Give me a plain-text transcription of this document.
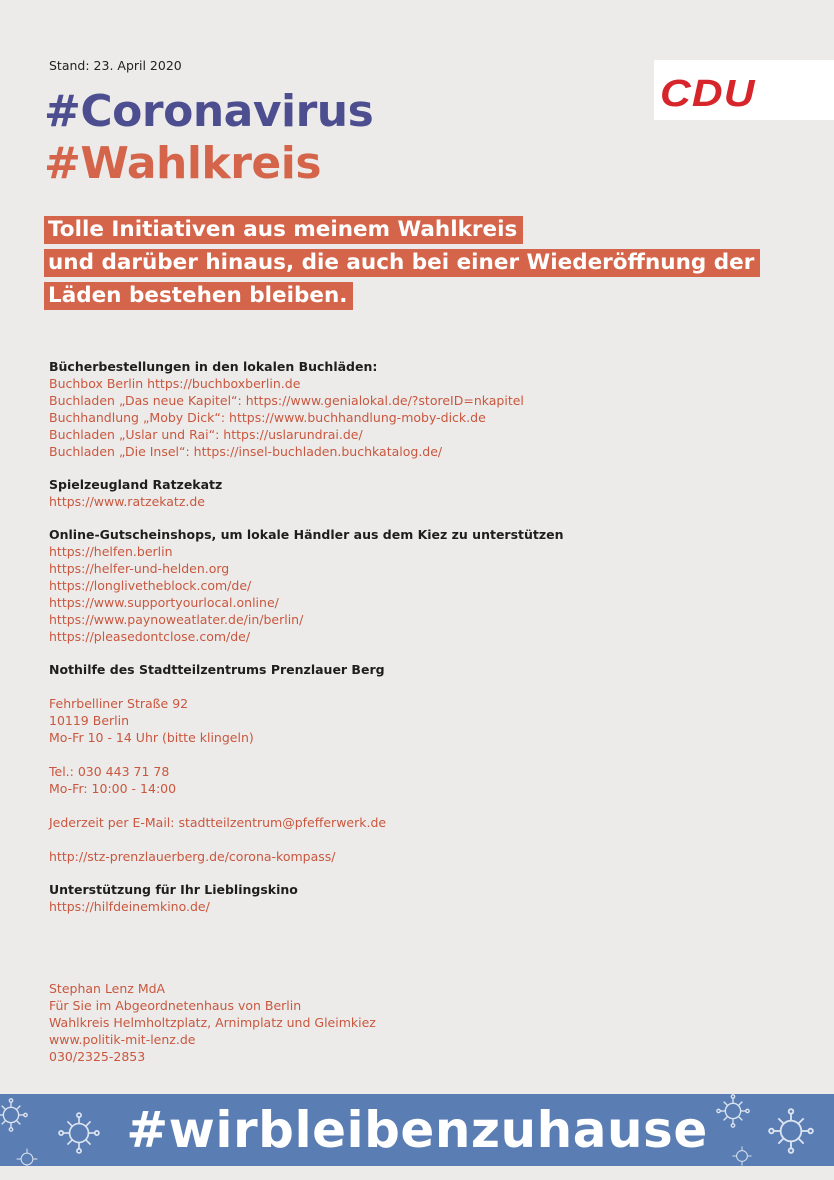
Stand: 23. April 2020
CDU
#Coronavirus
#Wahlkreis
Tolle Initiativen aus meinem Wahlkreis
und darüber hinaus, die auch bei einer Wiederöffnung der
Läden bestehen bleiben.
Bücherbestellungen in den lokalen Buchläden:
Buchbox Berlin https://buchboxberlin.de
Buchladen „Das neue Kapitel“: https://www.genialokal.de/?storeID=nkapitel
Buchhandlung „Moby Dick“: https://www.buchhandlung-moby-dick.de
Buchladen „Uslar und Rai“: https://uslarundrai.de/
Buchladen „Die Insel“: https://insel-buchladen.buchkatalog.de/
Spielzeugland Ratzekatz
https://www.ratzekatz.de
Online-Gutscheinshops, um lokale Händler aus dem Kiez zu unterstützen
https://helfen.berlin
https://helfer-und-helden.org
https://longlivetheblock.com/de/
https://www.supportyourlocal.online/
https://www.paynoweatlater.de/in/berlin/
https://pleasedontclose.com/de/
Nothilfe des Stadtteilzentrums Prenzlauer Berg
Fehrbelliner Straße 92
10119 Berlin
Mo-Fr 10 - 14 Uhr (bitte klingeln)
Tel.: 030 443 71 78
Mo-Fr: 10:00 - 14:00
Jederzeit per E-Mail: stadtteilzentrum@pfefferwerk.de
http://stz-prenzlauerberg.de/corona-kompass/
Unterstützung für Ihr Lieblingskino
https://hilfdeinemkino.de/
Stephan Lenz MdA
Für Sie im Abgeordnetenhaus von Berlin
Wahlkreis Helmholtzplatz, Arnimplatz und Gleimkiez
www.politik-mit-lenz.de
030/2325-2853
#wirbleibenzuhause
